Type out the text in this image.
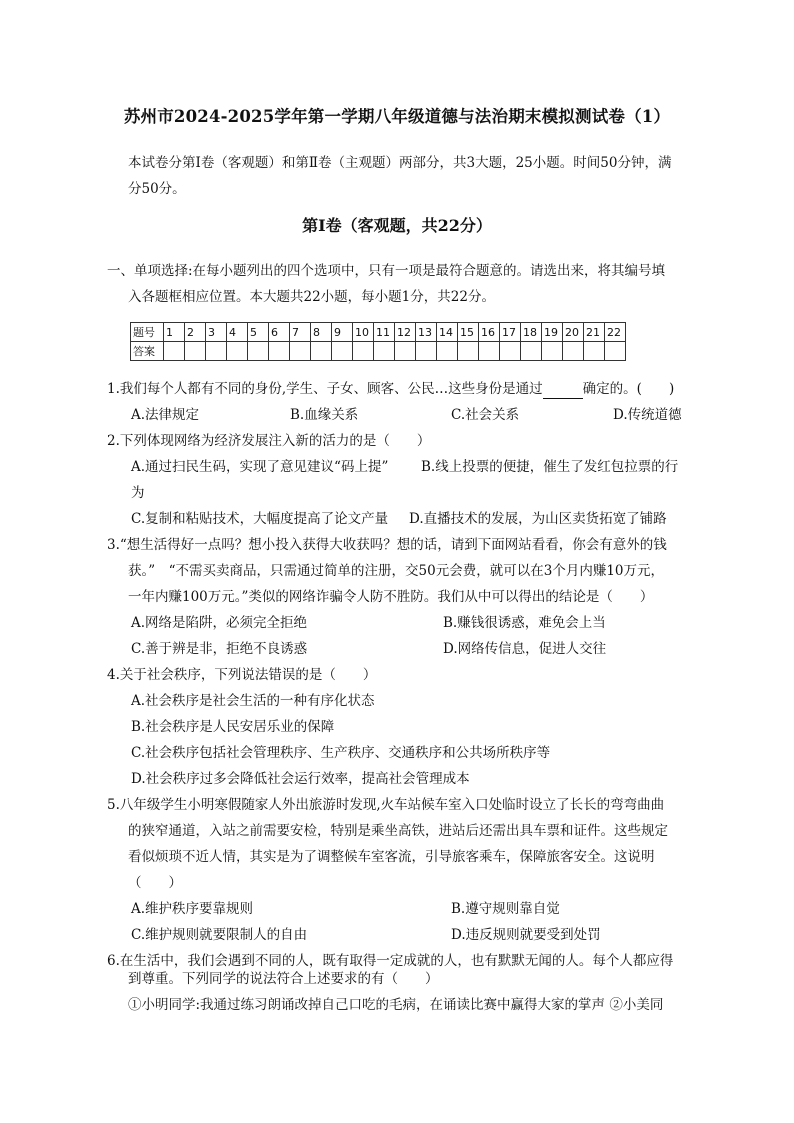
苏州市2024-2025学年第一学期八年级道德与法治期末模拟测试卷（1）
本试卷分第Ⅰ卷（客观题）和第Ⅱ卷（主观题）两部分，共3大题，25小题。时间50分钟，满
分50分。
第Ⅰ卷（客观题，共22分）
一、单项选择:在每小题列出的四个选项中，只有一项是最符合题意的。请选出来，将其编号填
入各题框相应位置。本大题共22小题，每小题1分，共22分。
题号	1	2	3	4	5	6	7	8	9	10	11	12	13	14	15	16	17	18	19	20	21	22
答案																						
1.我们每个人都有不同的身份,学生、子女、顾客、公民…这些身份是通过	确定的。(　　)
A.法律规定	B.血缘关系	C.社会关系	D.传统道德
2.下列体现网络为经济发展注入新的活力的是（　　）
A.通过扫民生码，实现了意见建议“码上提” B.线上投票的便捷，催生了发红包拉票的行
为
C.复制和粘贴技术，大幅度提高了论文产量 D.直播技术的发展，为山区卖货拓宽了铺路
3.“想生活得好一点吗？想小投入获得大收获吗？想的话，请到下面网站看看，你会有意外的钱
获。”　“不需买卖商品，只需通过简单的注册，交50元会费，就可以在3个月内赚10万元，
一年内赚100万元。”类似的网络诈骗令人防不胜防。我们从中可以得出的结论是（　　）
A.网络是陷阱，必须完全拒绝	B.赚钱很诱惑，难免会上当
C.善于辨是非，拒绝不良诱惑	D.网络传信息，促进人交往
4.关于社会秩序，下列说法错误的是（　　）
A.社会秩序是社会生活的一种有序化状态
B.社会秩序是人民安居乐业的保障
C.社会秩序包括社会管理秩序、生产秩序、交通秩序和公共场所秩序等
D.社会秩序过多会降低社会运行效率，提高社会管理成本
5.八年级学生小明寒假随家人外出旅游时发现,火车站候车室入口处临时设立了长长的弯弯曲曲
的狭窄通道，入站之前需要安检，特别是乘坐高铁，进站后还需出具车票和证件。这些规定
看似烦琐不近人情，其实是为了调整候车室客流，引导旅客乘车，保障旅客安全。这说明
（　　）
A.维护秩序要靠规则	B.遵守规则靠自觉
C.维护规则就要限制人的自由	D.违反规则就要受到处罚
6.在生活中，我们会遇到不同的人，既有取得一定成就的人，也有默默无闻的人。每个人都应得
到尊重。下列同学的说法符合上述要求的有（　　）
①小明同学:我通过练习朗诵改掉自己口吃的毛病，在诵读比赛中赢得大家的掌声 ②小美同
